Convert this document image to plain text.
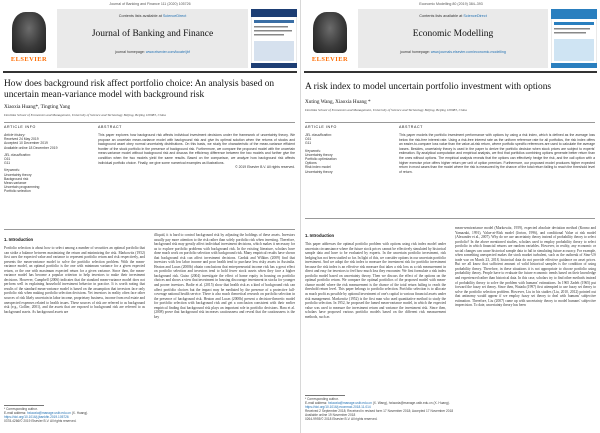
Journal of Banking and Finance 111 (2020) 105726
ELSEVIER
Contents lists available at ScienceDirect
Journal of Banking and Finance
journal homepage: www.elsevier.com/locate/jbf
How does background risk affect portfolio choice: An analysis based on uncertain mean-variance model with background risk
Xiaoxia Huang*, Tingting Yang
Donlinks School of Economics and Management, University of Science and Technology Beijing, Beijing 100083, China
ARTICLE INFO	ABSTRACT
Article history:
Received 24 May 2019
Accepted 10 December 2019
Available online 18 December 2019
JEL classification:
C61
G11
Keywords:
Uncertainty theory
Background risk
Mean-variance
Uncertain programming
Portfolio selection
This paper explores how background risk affects individual investment decisions under the framework of uncertainty theory. We propose an uncertain mean-variance model with background risk and give its optimal solution when the returns of stocks and background asset obey normal uncertainty distributions. On this basis, we study the characteristic of the mean-variance efficient frontier of the stock portfolio in the presence of background risk. Furthermore, we compare the proposed model with the uncertain mean-variance model without background risk and discuss the efficiency difference between the two models and further give the condition when the two models yield the same results. Based on the comparison, we analyze how background risk affects individual portfolio choice. Finally, we give some numerical examples as illustrations.
© 2019 Elsevier B.V. All rights reserved.
1. Introduction
Portfolio selection is about how to select among a number of securities an optimal portfolio that can strike a balance between maximizing the return and minimizing the risk. Markowitz (1952) first uses the expected value and variance to represent portfolio return and risk respectively, and presents the mean-variance model to solve the portfolio selection problem. With the mean-variance model, an optimal portfolio is the one with minimum variance for a given expected return, or the one with maximum expected return for a given variance. Since then, the mean-variance model has become a popular criterion to help investors to make their investment decisions. However, Campbell (2006) indicates that the standard mean-variance model does not perform well in explaining household investment behavior in practice. It is worth noting that results of the standard mean-variance model is based on the assumption that investors face only portfolio risk when making portfolio selection decisions. Yet investors in reality often face other sources of risk likely uncertain in labor income, proprietary business, income from real estate and unexpected expenses related to health issues. These sources of risk are referred to as background risk (e.g., Gollier, 2001), and the assets that are exposed to background risk are referred to as background assets. As background assets are
illiquid, it is hard to control background risk by adjusting the holdings of these assets. Investors usually pay more attention to the risk rather than solely portfolio risk when investing. Therefore, background risk may greatly affect individual investment decisions, which makes it necessary for us to explore portfolio problems with background risk. In the existing literature, scholars have done much work on portfolio selection with background risk. Many empirical results have shown that background risk can affect investment decisions. Cardak and Wilkins (2009) find that investors with low labor income and poor health tend to purchase less risky assets in Australia. Heaton and Lucas (2000b) obtain conclusions that entrepreneurial income risk has a great effect on portfolio selection and investors tend to hold fewer stock assets when they face a higher background risk. Guiso (2004) investigate the effect of home equity in housing on portfolio choices and shows a view that investment in housing discourage investment in stocks for younger and poorer investors. Bodie et al. (2015) show that health risk as a kind of background risk can affect portfolio choices but the impact may be mediated by the presence of a protective full-coverage national health service. There is also much theoretical research on portfolio selection in the presence of background risk. Heaton and Lucas (2000b) present a decision-theoretic model for portfolio selection with background risk and get a conclusion consistent with their earlier empirical finding that background risk plays an important role in portfolio decisions. Hara et al. (2008) prove that background risk increases cautiousness and reveal that the cautiousness is the key
* Corresponding author.
E-mail address: hxiaoxia@manage.ustb.edu.cn (X. Huang).
https://doi.org/10.1016/j.jbankfin.2019.105726
0378-4266/© 2019 Elsevier B.V. All rights reserved.
Economic Modelling 80 (2019) 384–393
ELSEVIER
Contents lists available at ScienceDirect
Economic Modelling
journal homepage: www.journals.elsevier.com/economic-modelling
A risk index to model uncertain portfolio investment with options
Xuting Wang, Xiaoxia Huang *
Donlinks School of Economics and Management, University of Science and Technology Beijing, Beijing 100083, China
ARTICLE INFO	ABSTRACT
JEL classification:
C61
G11
Keywords:
Uncertainty theory
Portfolio optimization
Options
Risk index model
Uncertainty theory
This paper models the portfolio investment performance with options by using a risk index, which is defined as the average loss below the risk-free interest rate. Using a risk-free interest rate as the uniform reference rate for all portfolios, the risk index offers an easier-to-compare loss value than the value-at-risk return, where portfolio specific references are used to calculate the average losses. Besides, uncertainty theory is used in the paper to derive the portfolio decision when stock prices are subject to experts' estimation. By analytical computation and empirical analysis, we find that portfolios combining options generate better return than the ones without options. The empirical analysis reveals that the options can effectively hedge the risk, and the call option with a higher exercise price offers higher return per unit of option premium. Furthermore, our proposed model produces higher expected return in most cases than the model where the risk is measured by the chance of the total return failing to reach the threshold level of return.
1. Introduction
This paper addresses the optimal portfolio problem with options using risk index model under uncertain circumstance where the future stock prices cannot be effectively simulated by historical sample data and have to be evaluated by experts. In the uncertain portfolio investment, risk hedging has not been studied so far. In light of this, we consider options in our uncertain portfolio investment. And we adopt the risk index to measure the investment risk for portfolio investment because the risk index is an effective risk measure that takes a risk loss as a risk measurement in direct and easy for investors to feel how much loss they encounter. We first formulate a risk index portfolio model based on uncertainty theory. Then we discuss the effect of the options on the optimal portfolio return. We compare the optimal portfolios of the proposed model with mean-chance model where the risk measurement is the chance of the total return failing to reach the threshold return level. This paper belongs to portfolio selection. Portfolio selection is to allocate as much profit as possible by optional investment of one's capital to various financial assets under risk management. Markowitz (1952) is the first man who used quantitative method to study the portfolio selection. In 1952, he proposed the famed mean-variance model, in which the expected value was used to measure the investment return and variance the investment risk. Since then, scholars have proposed various portfolio models based on the different risk measurement methods, such as
mean-semivariance model (Markowitz, 1959), expected absolute deviation method (Konno and Yamazaki, 1991), Value-at-Risk model (Jorion, 1996), and conditional Value at risk model (Alexander et al., 2007). Why do we use uncertainty theory instead of probability theory to select portfolio? In the above mentioned studies, scholars used to employ probability theory to select portfolio in which financial returns are random variables. However, in reality, any economic or social changes can cause historical sample data to fail in simulating future accuracy. For example, when something unexpected makes the stock market turbulent, such as the outbreak of Sino-US trade war on March 23, 2018, historical data do not provide effective guidance on asset prices. But we all know that sufficient amount of valid historical samples is the condition of using probability theory. Therefore, in these situations it is not appropriate to choose portfolio using probability theory. People have to evaluate the future economic trends based on their knowledge and experienced rather than historical data. In this case, scholars try to find other methods instead of probability theory to solve the problem with humans' estimations. In 1965 Zadeh (1965) put forward the fuzzy set theory. Since then, Watada (1997) first attempted to use fuzzy set theory to solve the portfolio selection problem. However, Liu in his studies (Liu, 2010, 2012) pointed out that antinomy would appear if we employ fuzzy set theory to deal with humans' subjective estimation. Therefore, Liu (2007) came up with uncertainty theory to model humans' subjective imprecision. To date, uncertainty theory has been
* Corresponding author.
E-mail address: hxiaoxia@manage.ustb.edu.cn (X. Wang), hxiaoxia@manage.ustb.edu.cn (X. Huang).
https://doi.org/10.1016/j.econmod.2018.11.014
Received 2 September 2018; Received in revised form 17 November 2018; Accepted 17 November 2018
Available online 19 November 2018
0264-9993/© 2018 Elsevier B.V. All rights reserved.
